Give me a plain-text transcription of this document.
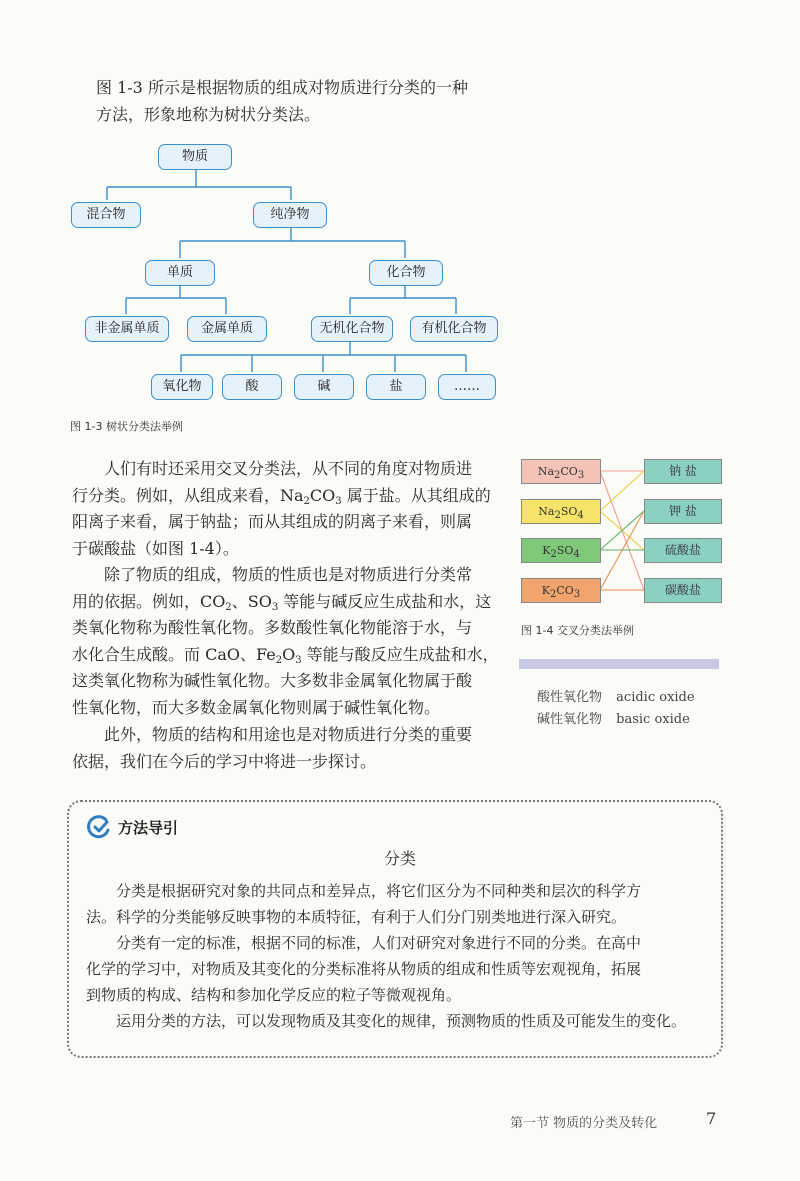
图 1-3 所示是根据物质的组成对物质进行分类的一种

方法，形象地称为树状分类法。

物质
混合物	纯净物
单质	化合物
非金属单质	金属单质	无机化合物	有机化合物
氧化物	酸	碱	盐	……
图 1-3 树状分类法举例

人们有时还采用交叉分类法，从不同的角度对物质进

行分类。例如，从组成来看，$Na_2CO_3$ 属于盐。从其组成的

阳离子来看，属于钠盐；而从其组成的阴离子来看，则属

于碳酸盐（如图 1-4）。

除了物质的组成，物质的性质也是对物质进行分类常

用的依据。例如，$CO_2$、$SO_3$ 等能与碱反应生成盐和水，这

类氧化物称为酸性氧化物。多数酸性氧化物能溶于水，与

水化合生成酸。而 CaO、$Fe_2O_3$ 等能与酸反应生成盐和水，

这类氧化物称为碱性氧化物。大多数非金属氧化物属于酸

性氧化物，而大多数金属氧化物则属于碱性氧化物。

此外，物质的结构和用途也是对物质进行分类的重要

依据，我们在今后的学习中将进一步探讨。

$Na_2CO_3$
$Na_2SO_4$
$K_2SO_4$
$K_2CO_3$
钠 盐
钾 盐
硫酸盐
碳酸盐
图 1-4 交叉分类法举例
酸性氧化物 acidic oxide
碱性氧化物 basic oxide
方法导引
分类

分类是根据研究对象的共同点和差异点，将它们区分为不同种类和层次的科学方

法。科学的分类能够反映事物的本质特征，有利于人们分门别类地进行深入研究。

分类有一定的标准，根据不同的标准，人们对研究对象进行不同的分类。在高中

化学的学习中，对物质及其变化的分类标准将从物质的组成和性质等宏观视角，拓展

到物质的构成、结构和参加化学反应的粒子等微观视角。

运用分类的方法，可以发现物质及其变化的规律，预测物质的性质及可能发生的变化。

第一节 物质的分类及转化	7
